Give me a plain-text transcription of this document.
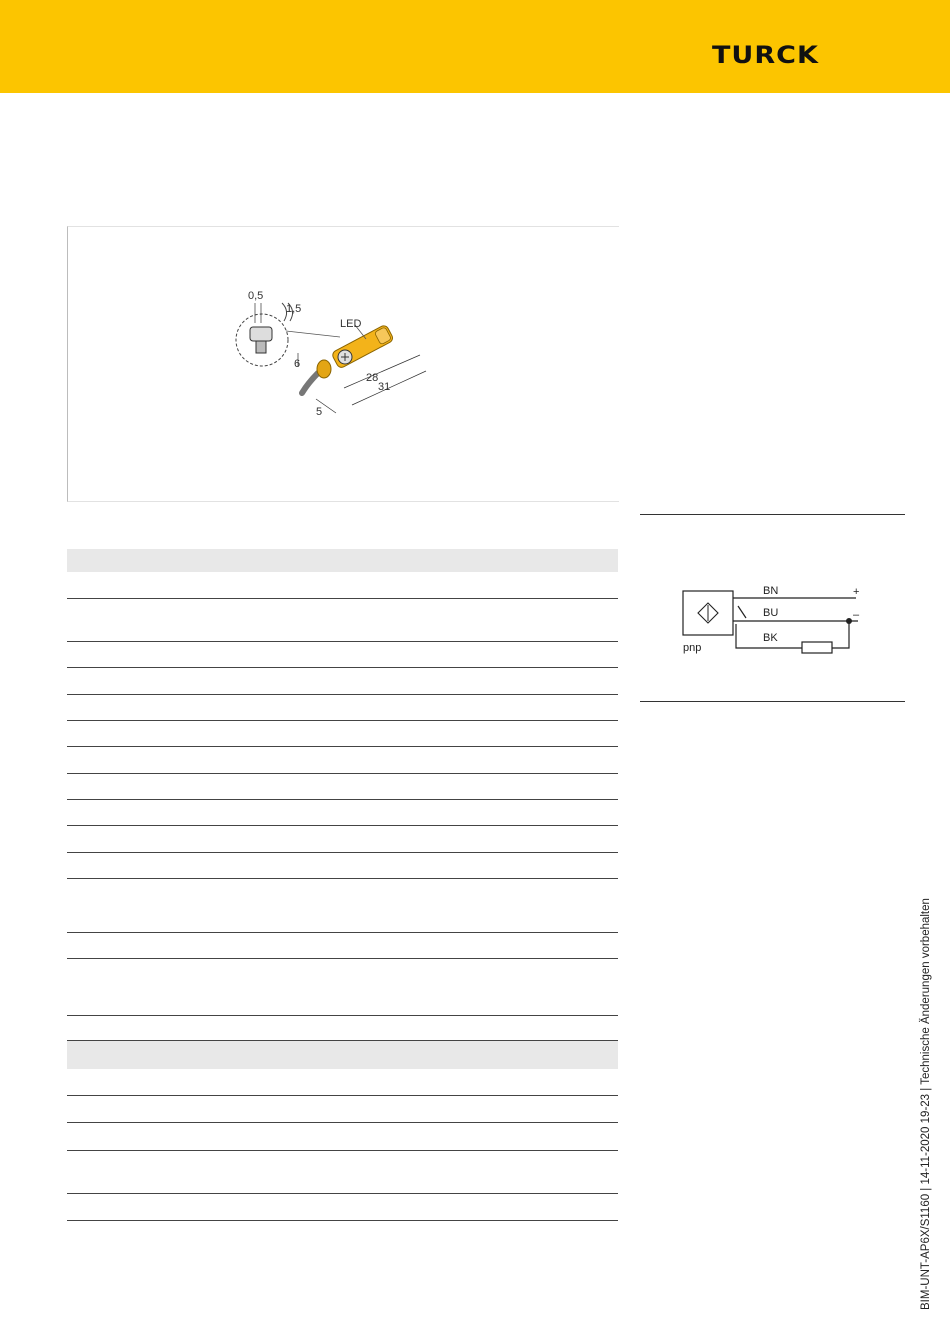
TURCK
0,5
1,5
LED
6
28
31
5
BN
BU
BK
+
–
pnp
BIM-UNT-AP6X/S1160 | 14-11-2020 19-23 | Technische Änderungen vorbehalten
